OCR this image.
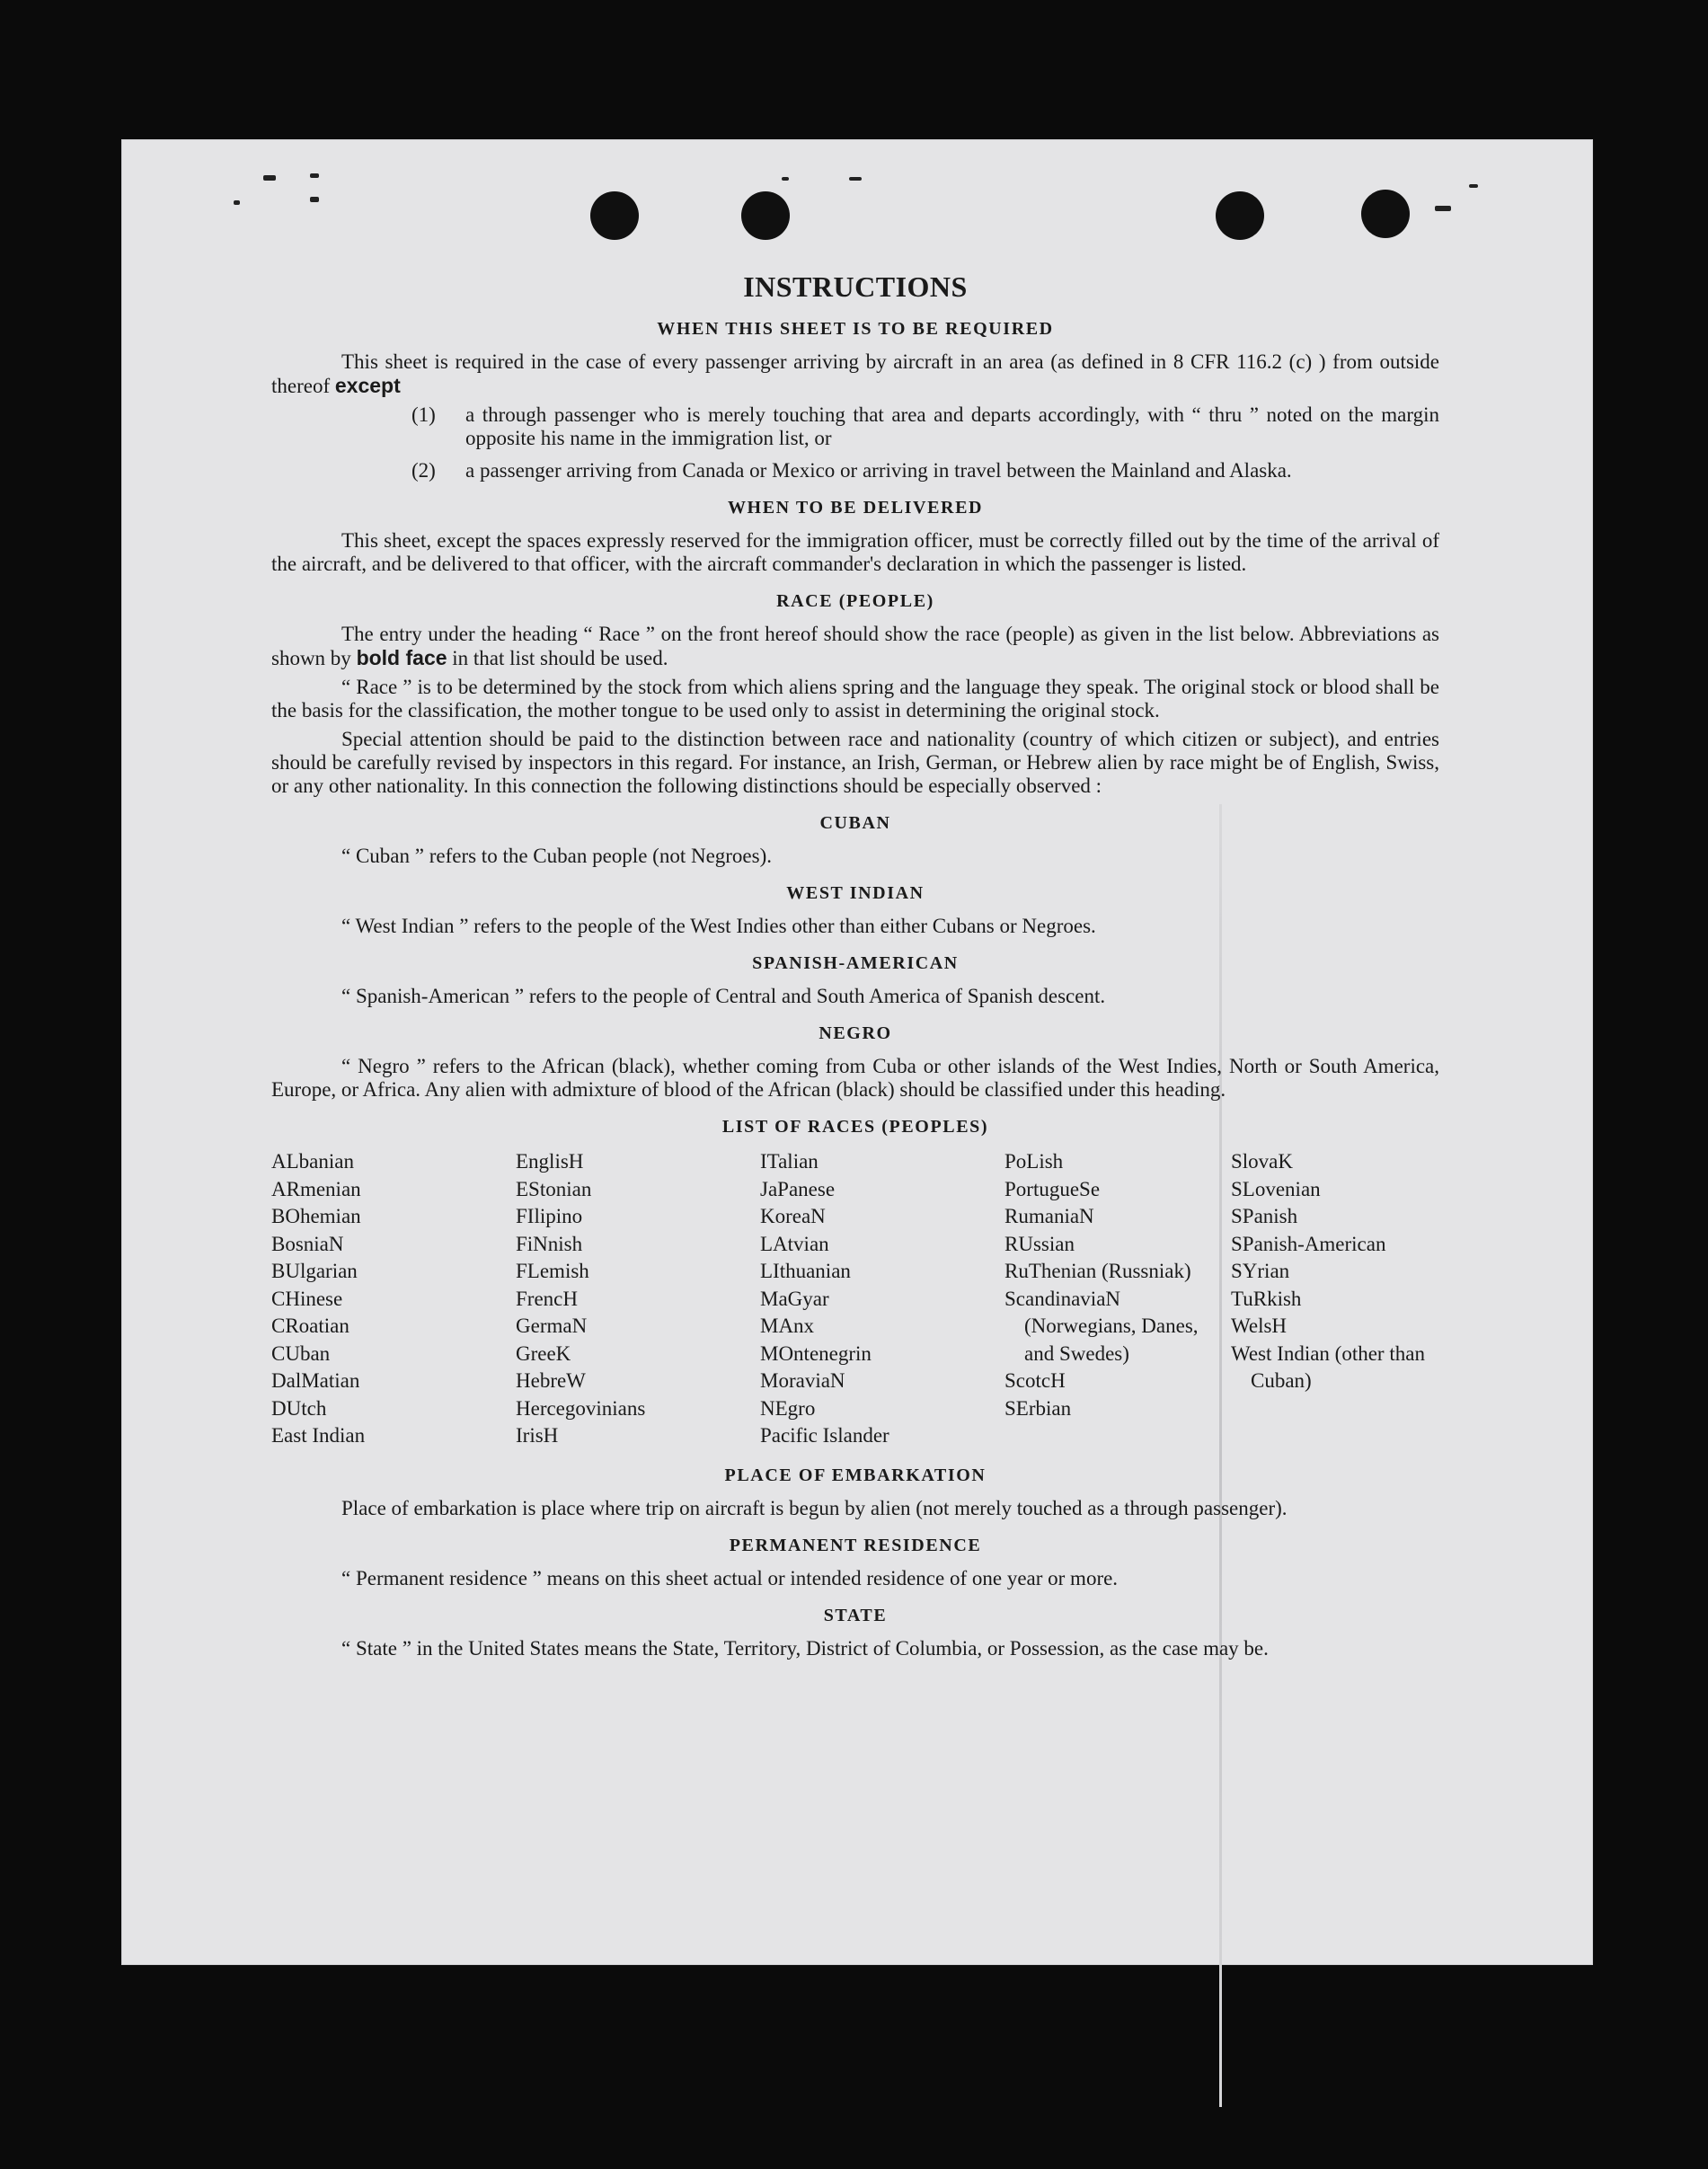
INSTRUCTIONS
WHEN THIS SHEET IS TO BE REQUIRED

This sheet is required in the case of every passenger arriving by aircraft in an area (as defined in 8 CFR 116.2 (c) ) from outside thereof except

(1)	a through passenger who is merely touching that area and departs accordingly, with “ thru ” noted on the margin opposite his name in the immigration list, or
(2)	a passenger arriving from Canada or Mexico or arriving in travel between the Mainland and Alaska.
WHEN TO BE DELIVERED

This sheet, except the spaces expressly reserved for the immigration officer, must be correctly filled out by the time of the arrival of the aircraft, and be delivered to that officer, with the aircraft commander's declaration in which the passenger is listed.

RACE (PEOPLE)

The entry under the heading “ Race ” on the front hereof should show the race (people) as given in the list below. Abbreviations as shown by bold face in that list should be used.

“ Race ” is to be determined by the stock from which aliens spring and the language they speak. The original stock or blood shall be the basis for the classification, the mother tongue to be used only to assist in determining the original stock.

Special attention should be paid to the distinction between race and nationality (country of which citizen or subject), and entries should be carefully revised by inspectors in this regard. For instance, an Irish, German, or Hebrew alien by race might be of English, Swiss, or any other nationality. In this connection the following distinctions should be especially observed :

CUBAN

“ Cuban ” refers to the Cuban people (not Negroes).

WEST INDIAN

“ West Indian ” refers to the people of the West Indies other than either Cubans or Negroes.

SPANISH-AMERICAN

“ Spanish-American ” refers to the people of Central and South America of Spanish descent.

NEGRO

“ Negro ” refers to the African (black), whether coming from Cuba or other islands of the West Indies, North or South America, Europe, or Africa. Any alien with admixture of blood of the African (black) should be classified under this heading.

LIST OF RACES (PEOPLES)
ALbanian
ARmenian
BOhemian
BosniaN
BUlgarian
CHinese
CRoatian
CUban
DalMatian
DUtch
East Indian
EnglisH
EStonian
FIlipino
FiNnish
FLemish
FrencH
GermaN
GreeK
HebreW
Hercegovinians
IrisH
ITalian
JaPanese
KoreaN
LAtvian
LIthuanian
MaGyar
MAnx
MOntenegrin
MoraviaN
NEgro
Pacific Islander
PoLish
PortugueSe
RumaniaN
RUssian
RuThenian (Russniak)
ScandinaviaN (Norwegians, Danes, and Swedes)
ScotcH
SErbian
SlovaK
SLovenian
SPanish
SPanish-American
SYrian
TuRkish
WelsH
West Indian (other than Cuban)
PLACE OF EMBARKATION

Place of embarkation is place where trip on aircraft is begun by alien (not merely touched as a through passenger).

PERMANENT RESIDENCE

“ Permanent residence ” means on this sheet actual or intended residence of one year or more.

STATE

“ State ” in the United States means the State, Territory, District of Columbia, or Possession, as the case may be.
